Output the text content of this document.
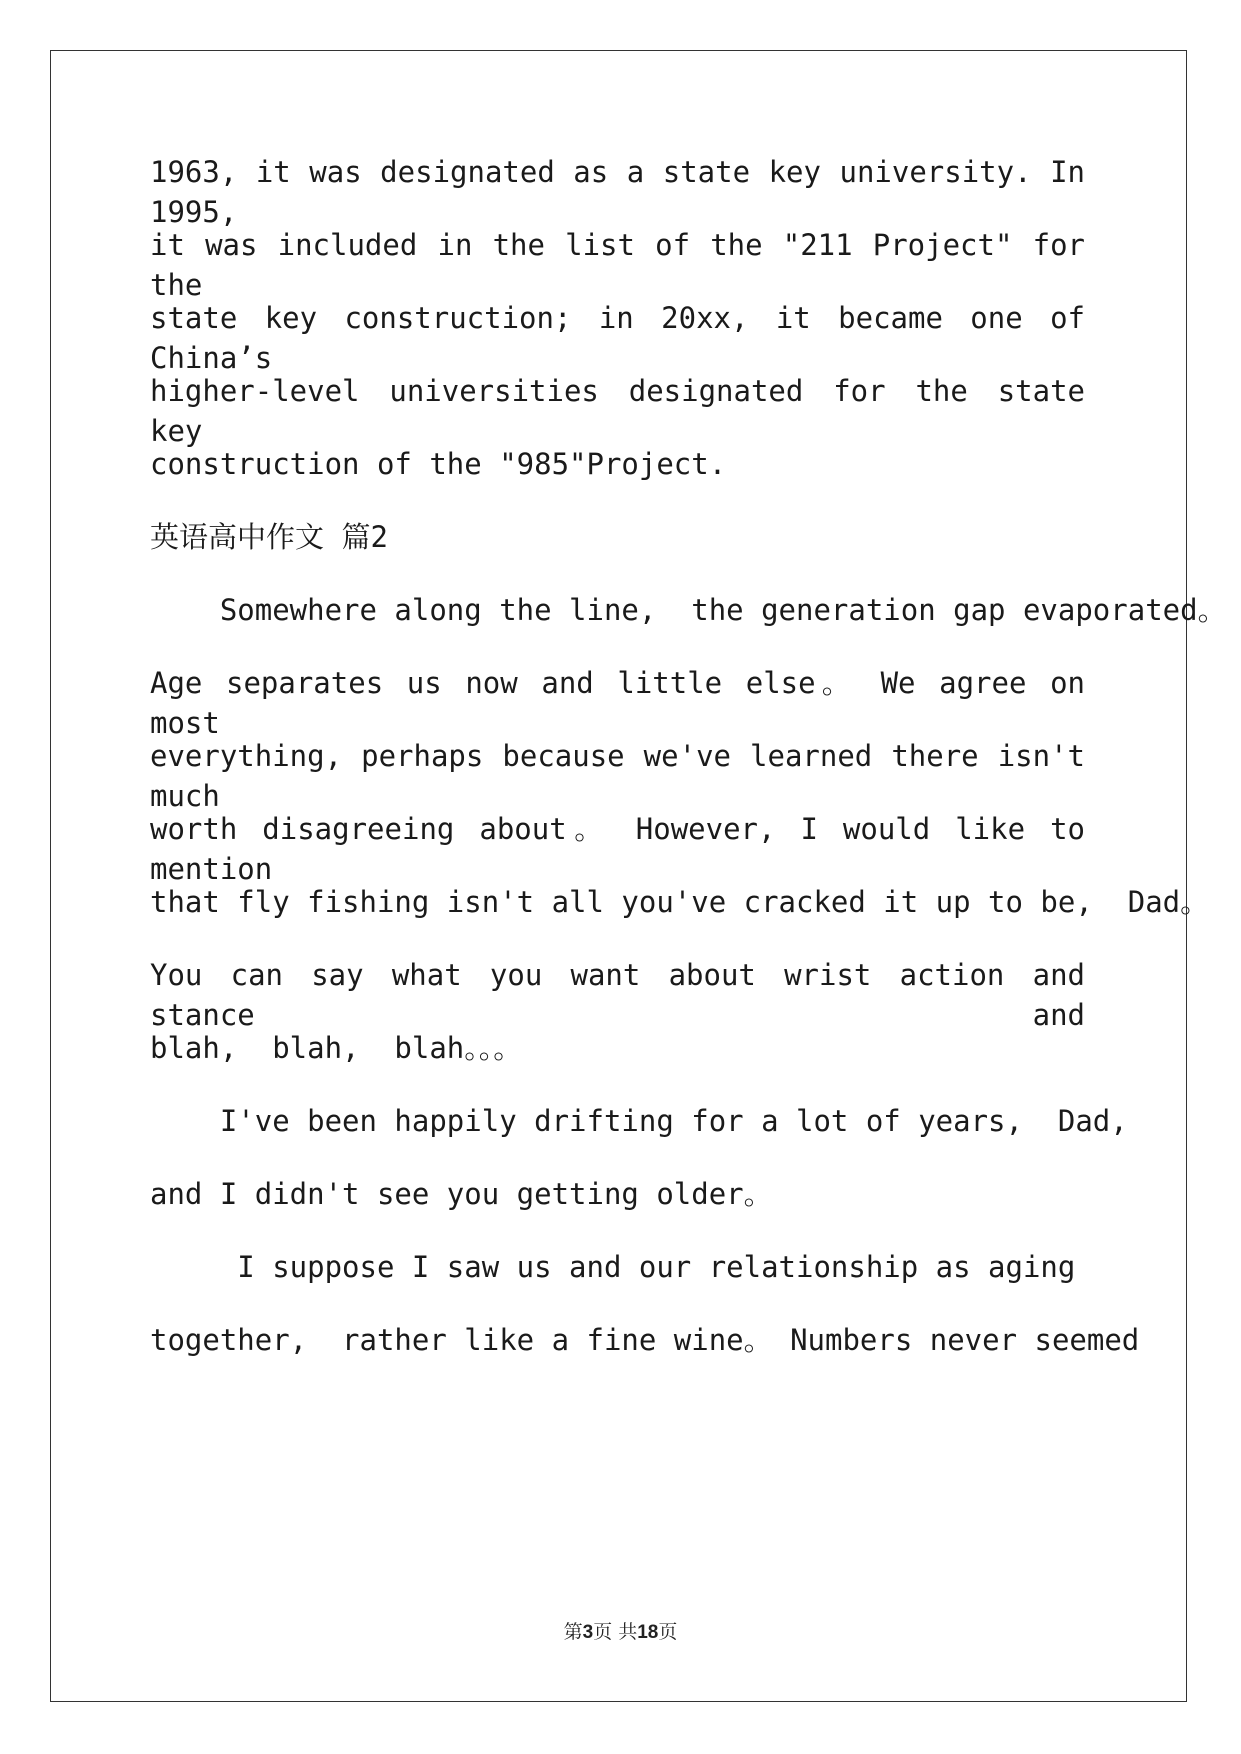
1963, it was designated as a state key university. In 1995,
it was included in the list of the "211 Project" for the
state key construction; in 20xx, it became one of China’s
higher-level universities designated for the state key
construction of the "985"Project.
英语高中作文 篇2
Somewhere along the line,  the generation gap evaporated。
Age separates us now and little else。 We agree on most
everything, perhaps because we've learned there isn't much
worth disagreeing about。 However, I would like to mention
that fly fishing isn't all you've cracked it up to be,  Dad。
You can say what you want about wrist action and stance and
blah,  blah,  blah。。。
I've been happily drifting for a lot of years,  Dad,
and I didn't see you getting older。
I suppose I saw us and our relationship as aging
together,  rather like a fine wine。 Numbers never seemed
第3页 共18页
